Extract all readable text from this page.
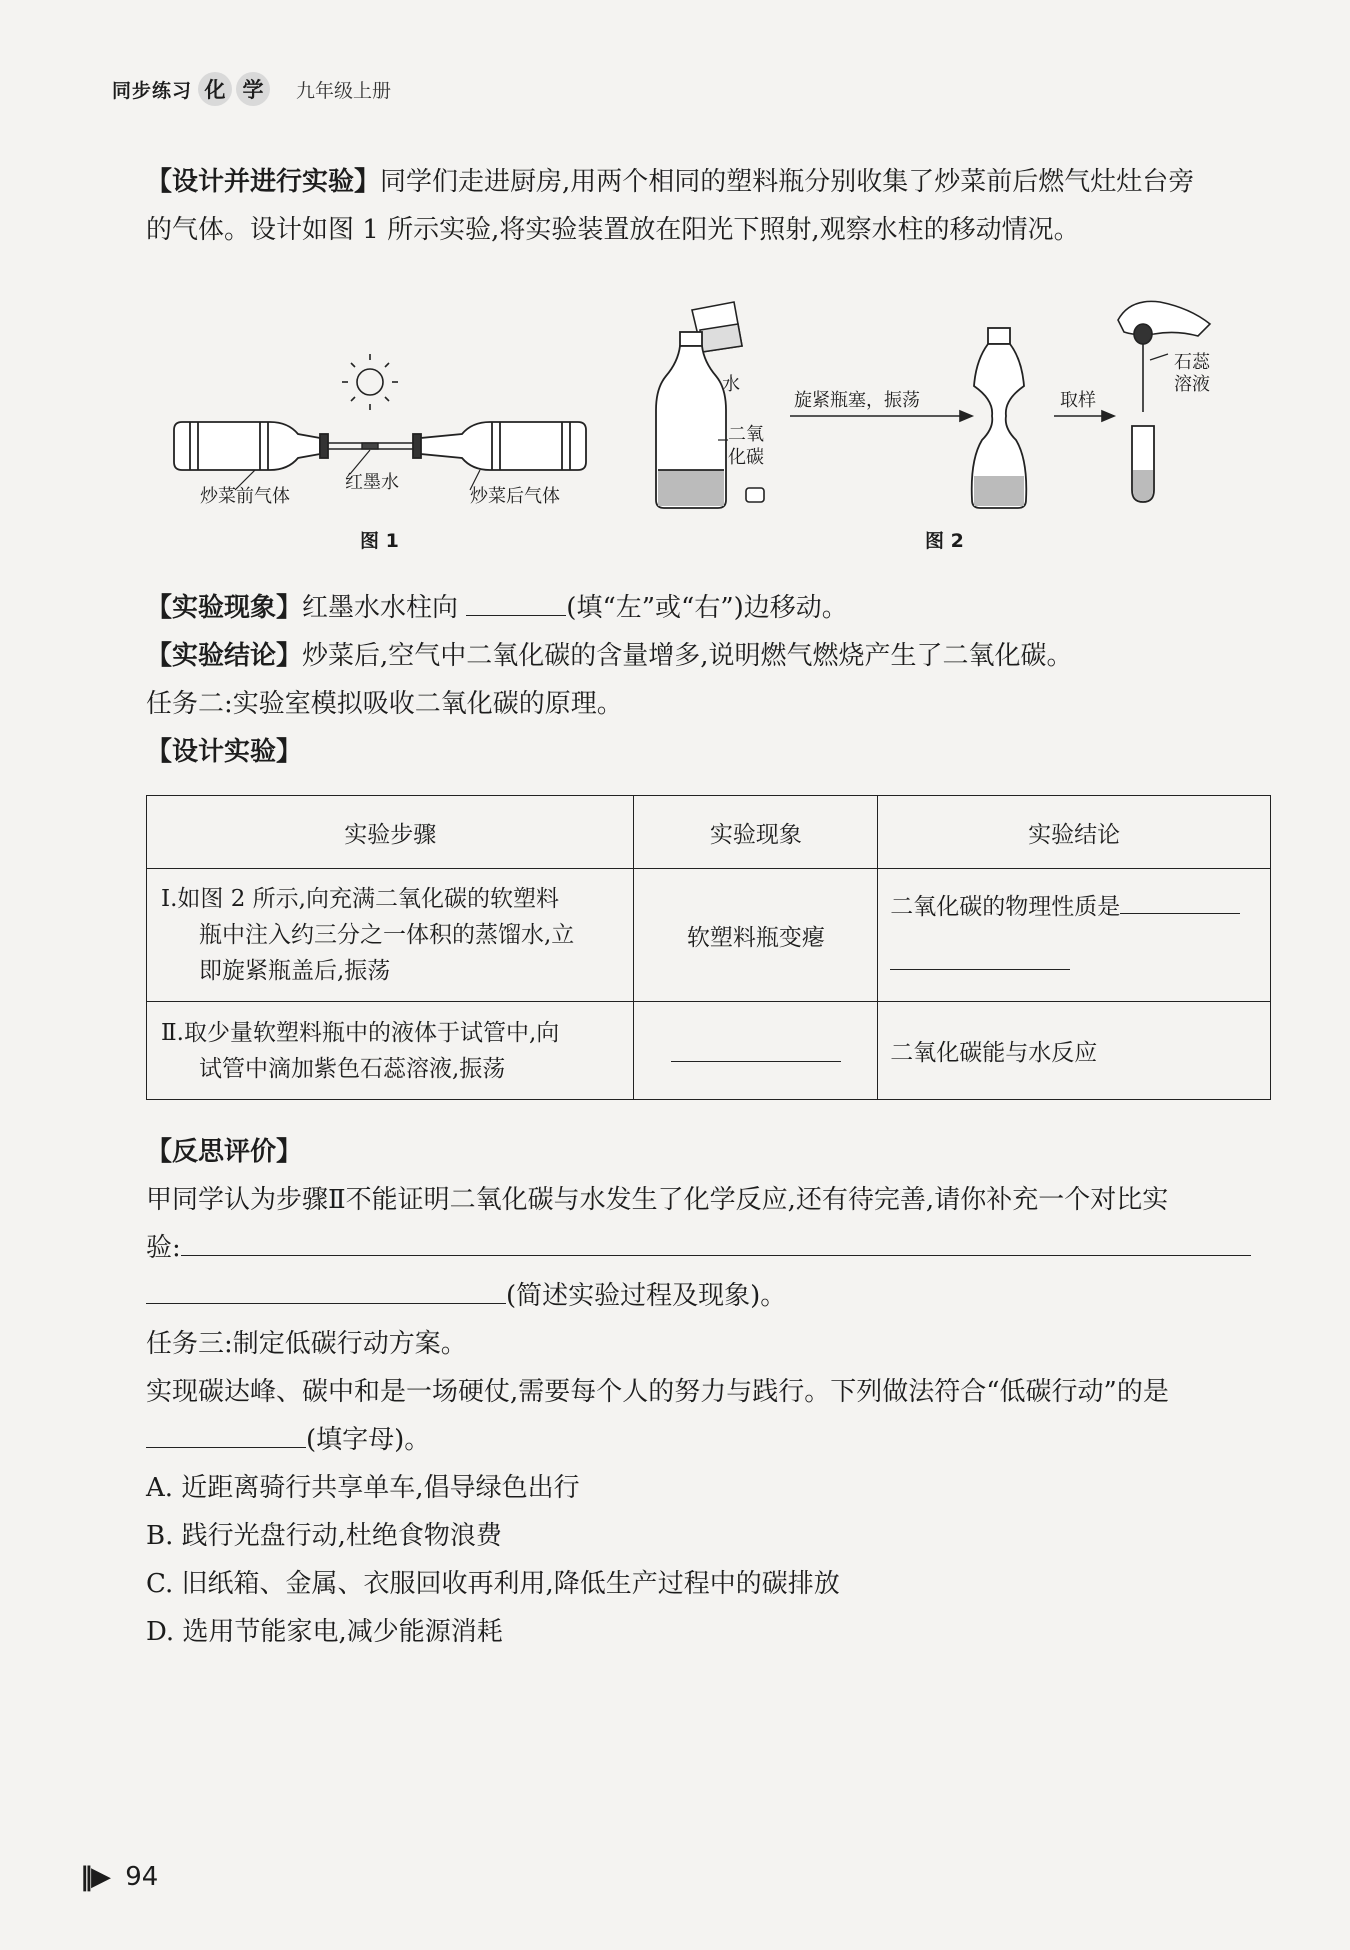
同步练习 化 学	九年级上册
【设计并进行实验】同学们走进厨房,用两个相同的塑料瓶分别收集了炒菜前后燃气灶灶台旁
的气体。设计如图 1 所示实验,将实验装置放在阳光下照射,观察水柱的移动情况。
炒菜前气体
红墨水
炒菜后气体
图 1
水
二氧
化碳
旋紧瓶塞，振荡	取样
石蕊
溶液
图 2
【实验现象】红墨水水柱向	(填“左”或“右”)边移动。
【实验结论】炒菜后,空气中二氧化碳的含量增多,说明燃气燃烧产生了二氧化碳。
任务二:实验室模拟吸收二氧化碳的原理。
【设计实验】
实验步骤	实验现象	实验结论

Ⅰ.如图 2 所示,向充满二氧化碳的软塑料
瓶中注入约三分之一体积的蒸馏水,立
即旋紧瓶盖后,振荡	软塑料瓶变瘪	二氧化碳的物理性质是

Ⅱ.取少量软塑料瓶中的液体于试管中,向
试管中滴加紫色石蕊溶液,振荡		二氧化碳能与水反应
【反思评价】
甲同学认为步骤Ⅱ不能证明二氧化碳与水发生了化学反应,还有待完善,请你补充一个对比实
验:
(简述实验过程及现象)。
任务三:制定低碳行动方案。
实现碳达峰、碳中和是一场硬仗,需要每个人的努力与践行。下列做法符合“低碳行动”的是
(填字母)。
A. 近距离骑行共享单车,倡导绿色出行
B. 践行光盘行动,杜绝食物浪费
C. 旧纸箱、金属、衣服回收再利用,降低生产过程中的碳排放
D. 选用节能家电,减少能源消耗
‖▶ 94
